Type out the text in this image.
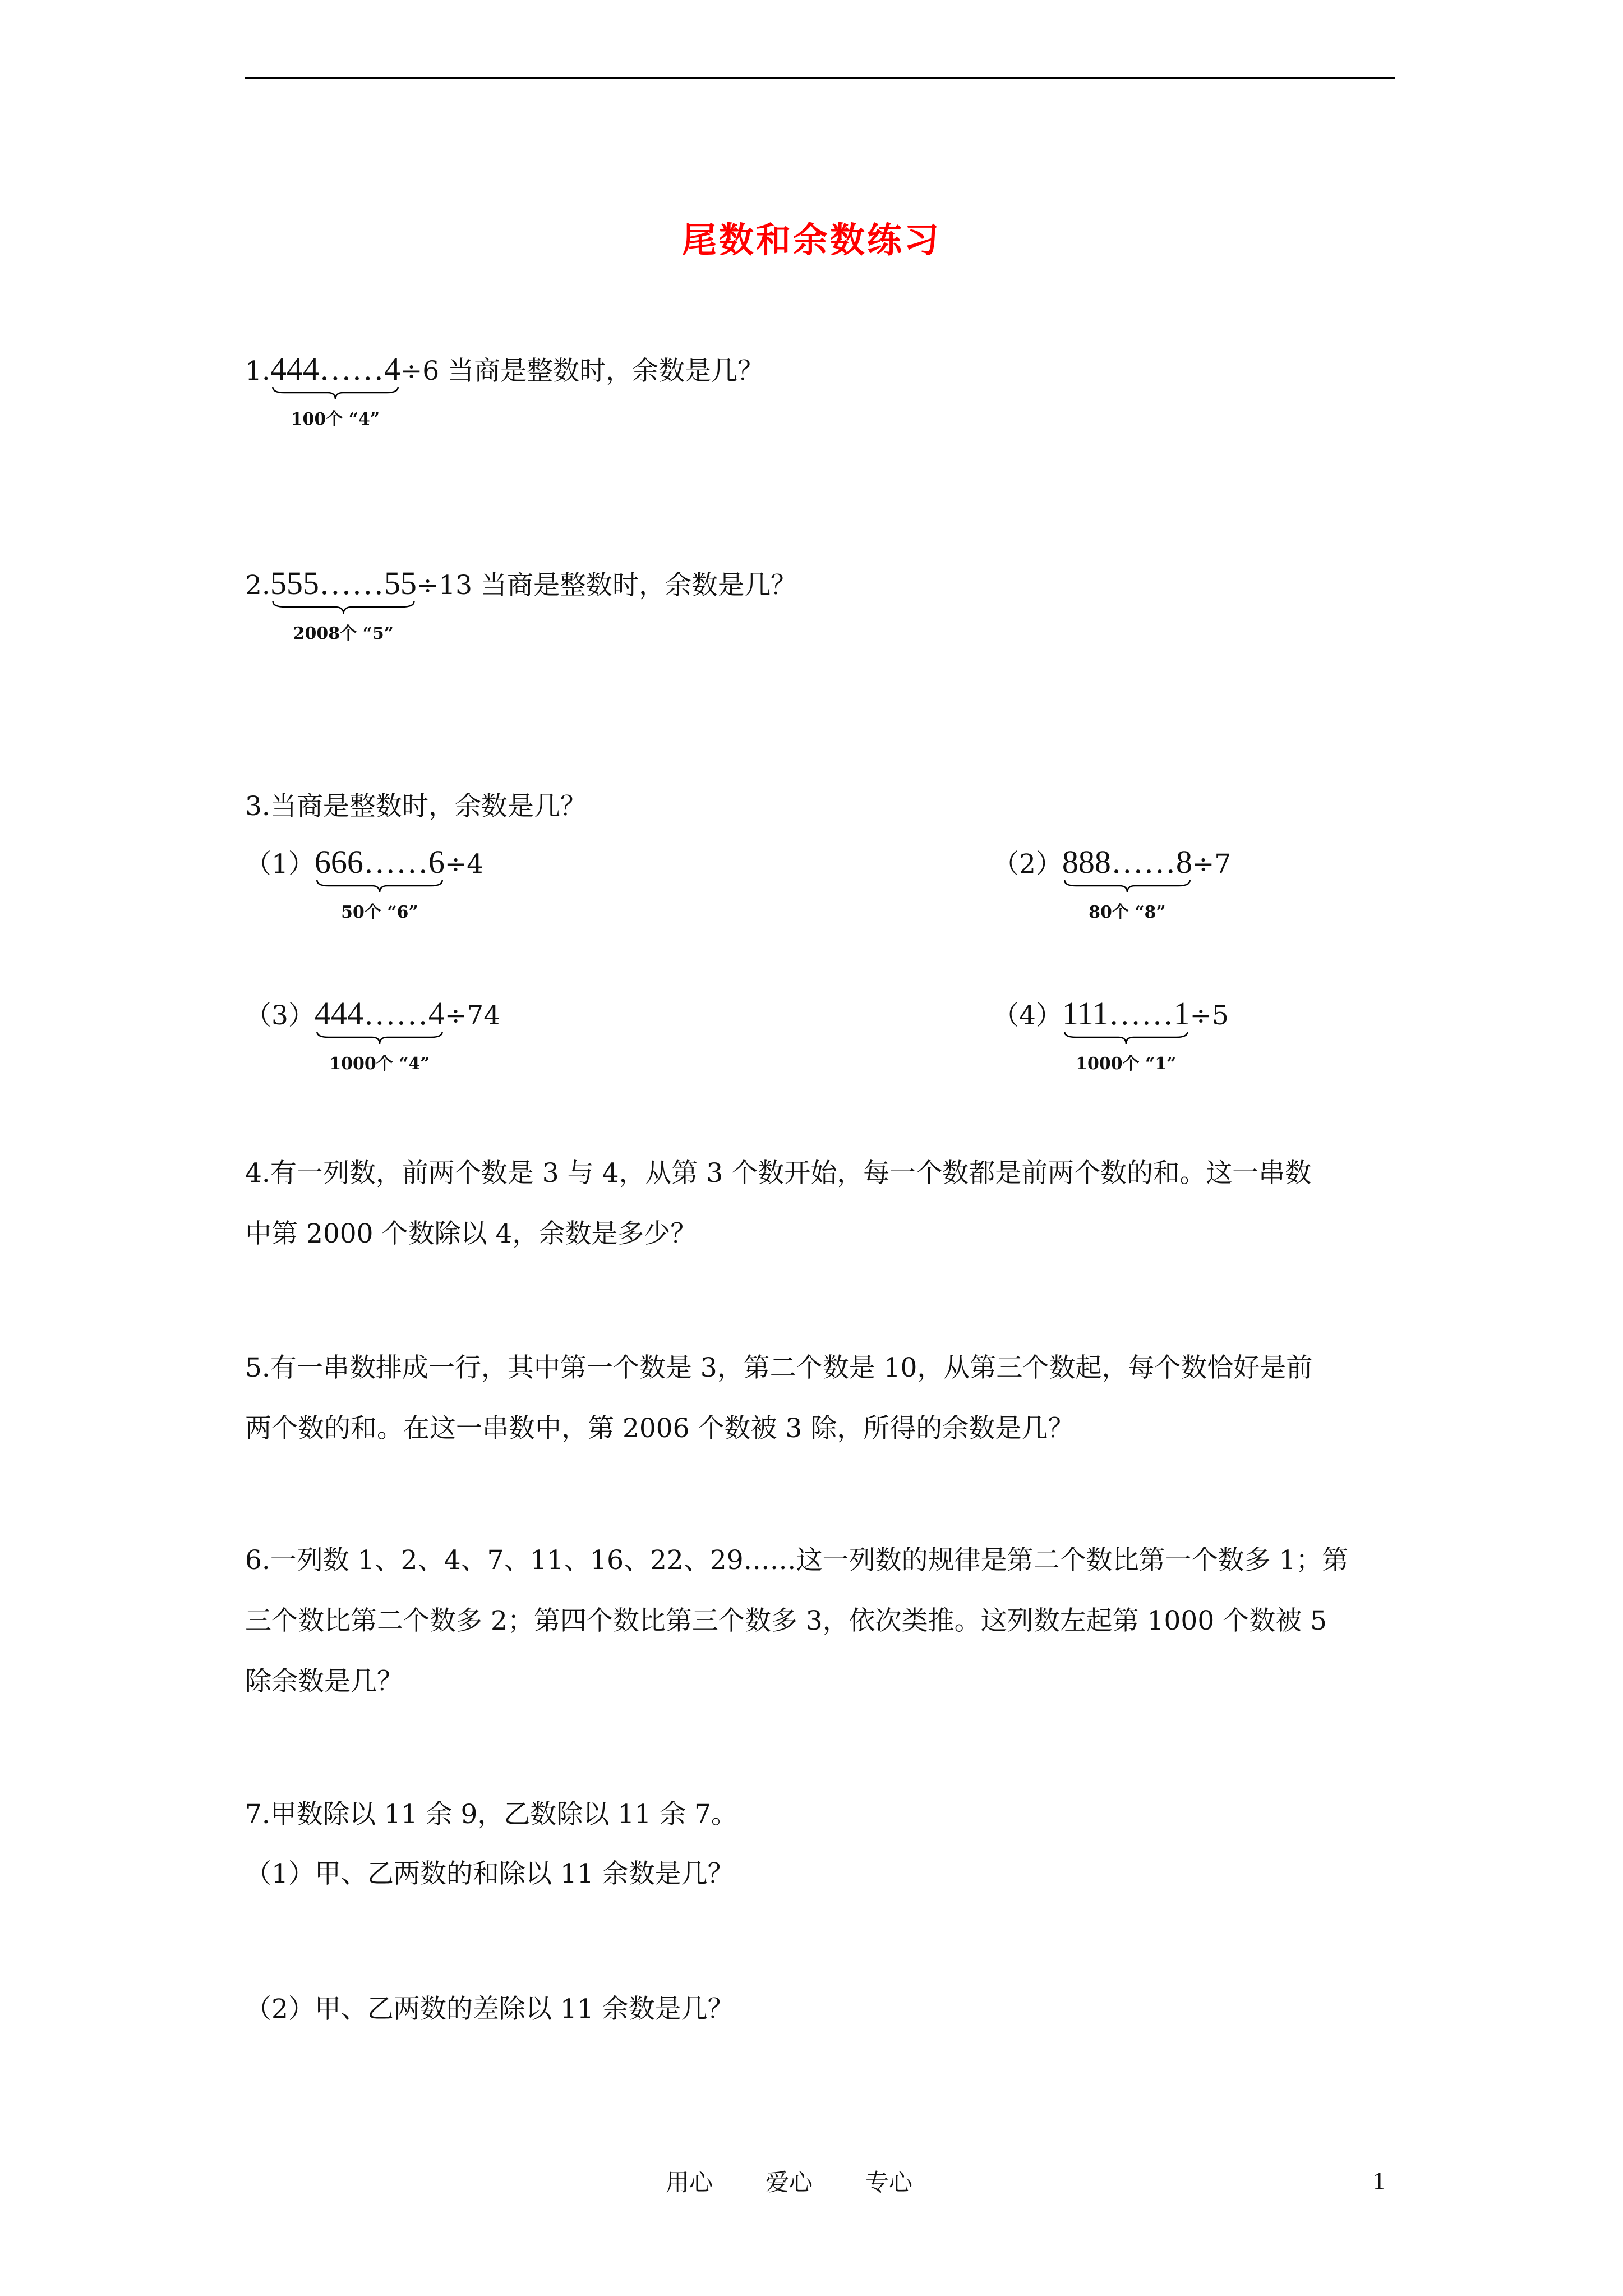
尾数和余数练习
1.444……4
100个 “4”
÷6 当商是整数时，余数是几？
2.555……55
2008个 “5”
÷13 当商是整数时，余数是几？
3.当商是整数时，余数是几？
（1）666……6
50个 “6”
÷4	（2）888……8
80个 “8”
÷7
（3）444……4
1000个 “4”
÷74	（4）111……1
1000个 “1”
÷5
4.有一列数，前两个数是 3 与 4，从第 3 个数开始，每一个数都是前两个数的和。这一串数
中第 2000 个数除以 4，余数是多少？
5.有一串数排成一行，其中第一个数是 3，第二个数是 10，从第三个数起，每个数恰好是前
两个数的和。在这一串数中，第 2006 个数被 3 除，所得的余数是几？
6.一列数 1、2、4、7、11、16、22、29……这一列数的规律是第二个数比第一个数多 1；第
三个数比第二个数多 2；第四个数比第三个数多 3，依次类推。这列数左起第 1000 个数被 5
除余数是几？
7.甲数除以 11 余 9，乙数除以 11 余 7。
（1）甲、乙两数的和除以 11 余数是几？
（2）甲、乙两数的差除以 11 余数是几？
用心 爱心 专心	1
